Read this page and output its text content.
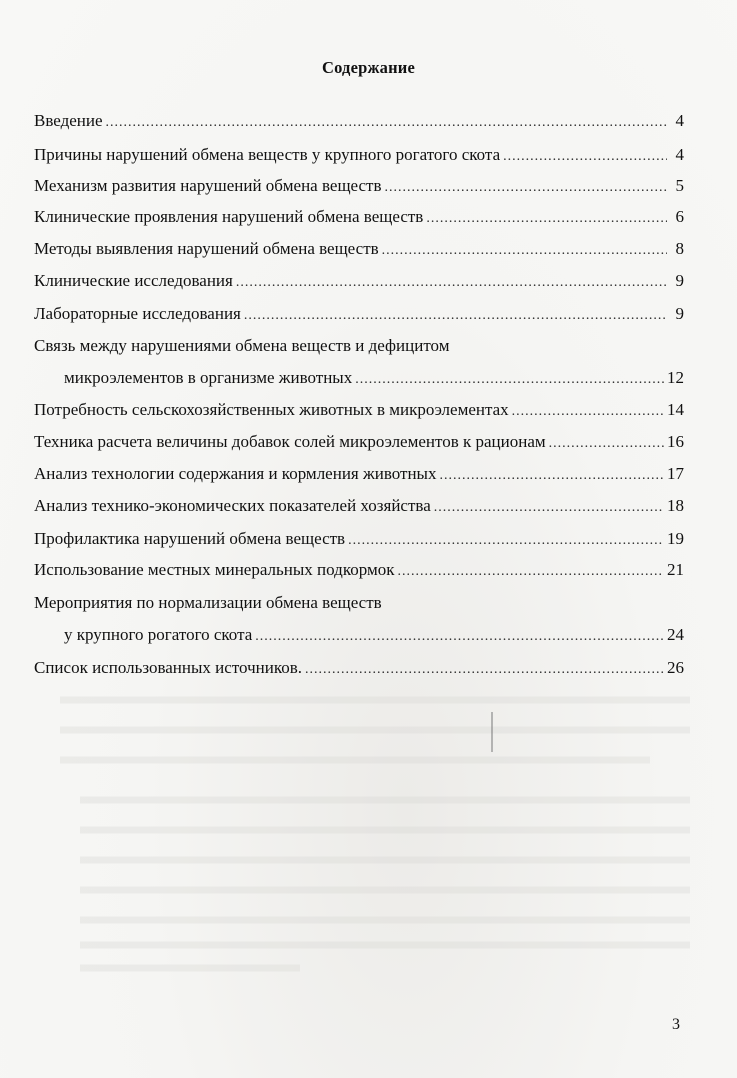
Содержание
Введение .....	4
Причины нарушений обмена веществ у крупного рогатого скота .....	4
Механизм развития нарушений обмена веществ .....	5
Клинические проявления нарушений обмена веществ .....	6
Методы выявления нарушений обмена веществ .....	8
Клинические исследования .....	9
Лабораторные исследования .....	9
Связь между нарушениями обмена веществ и дефицитом
микроэлементов в организме животных .....	12
Потребность сельскохозяйственных животных в микроэлементах .....	14
Техника расчета величины добавок солей микроэлементов к рационам .....	16
Анализ технологии содержания и кормления животных .....	17
Анализ технико-экономических показателей хозяйства .....	18
Профилактика нарушений обмена веществ .....	19
Использование местных минеральных подкормок .....	21
Мероприятия по нормализации обмена веществ
у крупного рогатого скота .....	24
Список использованных источников. .....	26
3
